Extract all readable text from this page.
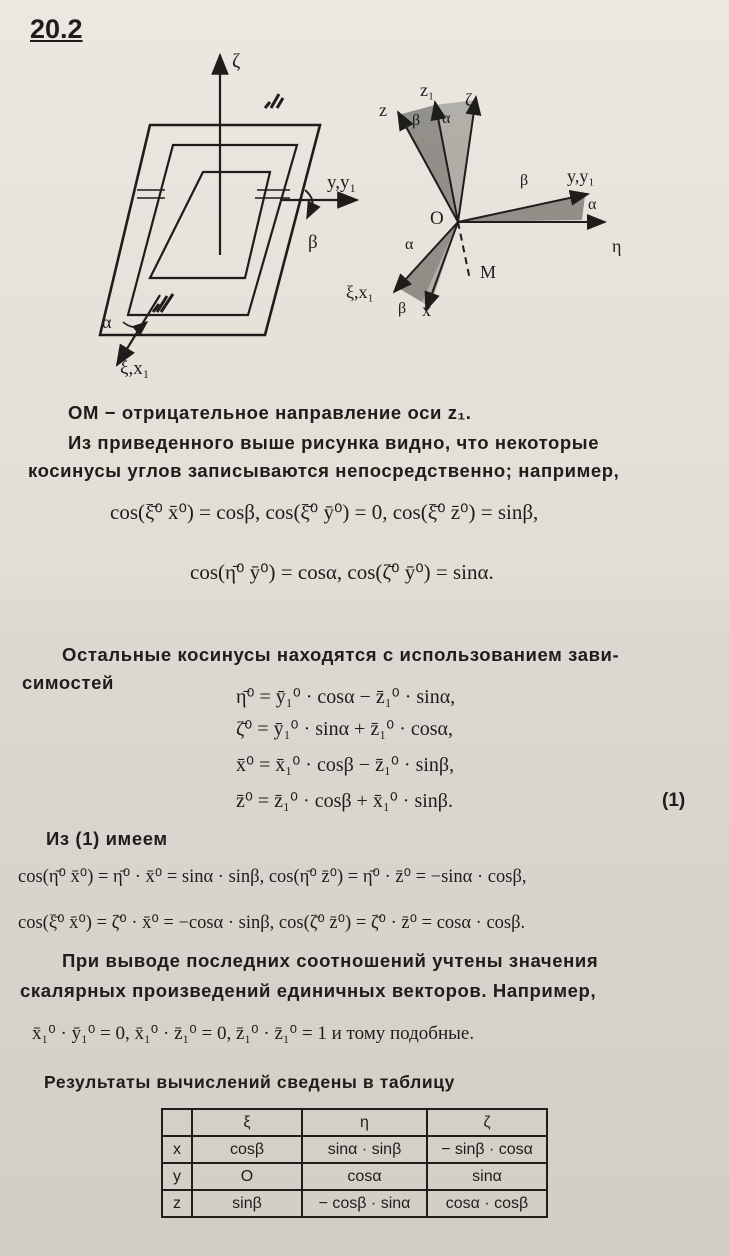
20.2
ζ
y,y₁
β
α
ξ,x₁
z
z₁ ζ
β α
β y,y₁
α
O
η
α
ξ,x₁
M
β x
OM − отрицательное направление оси z₁.
Из приведенного выше рисунка видно, что некоторые
косинусы углов записываются непосредственно; например,
cos(ξ̄⁰ x̄⁰) = cosβ, cos(ξ̄⁰ ȳ⁰) = 0, cos(ξ̄⁰ z̄⁰) = sinβ,
cos(η̄⁰ ȳ⁰) = cosα, cos(ζ̄⁰ ȳ⁰) = sinα.
Остальные косинусы находятся с использованием зави-
симостей
η̄⁰ = ȳ₁⁰ · cosα − z̄₁⁰ · sinα,
ζ̄⁰ = ȳ₁⁰ · sinα + z̄₁⁰ · cosα,
x̄⁰ = x̄₁⁰ · cosβ − z̄₁⁰ · sinβ,
z̄⁰ = z̄₁⁰ · cosβ + x̄₁⁰ · sinβ.	(1)
Из (1) имеем
cos(η̄⁰ x̄⁰) = η̄⁰ · x̄⁰ = sinα · sinβ, cos(η̄⁰ z̄⁰) = η̄⁰ · z̄⁰ = −sinα · cosβ,
cos(ξ̄⁰ x̄⁰) = ζ̄⁰ · x̄⁰ = −cosα · sinβ, cos(ζ̄⁰ z̄⁰) = ζ̄⁰ · z̄⁰ = cosα · cosβ.
При выводе последних соотношений учтены значения
скалярных произведений единичных векторов. Например,
x̄₁⁰ · ȳ₁⁰ = 0, x̄₁⁰ · z̄₁⁰ = 0, z̄₁⁰ · z̄₁⁰ = 1 и тому подобные.
Результаты вычислений сведены в таблицу
	ξ	η	ζ
x	cosβ	sinα · sinβ	− sinβ · cosα
y	O	cosα	sinα
z	sinβ	− cosβ · sinα	cosα · cosβ
